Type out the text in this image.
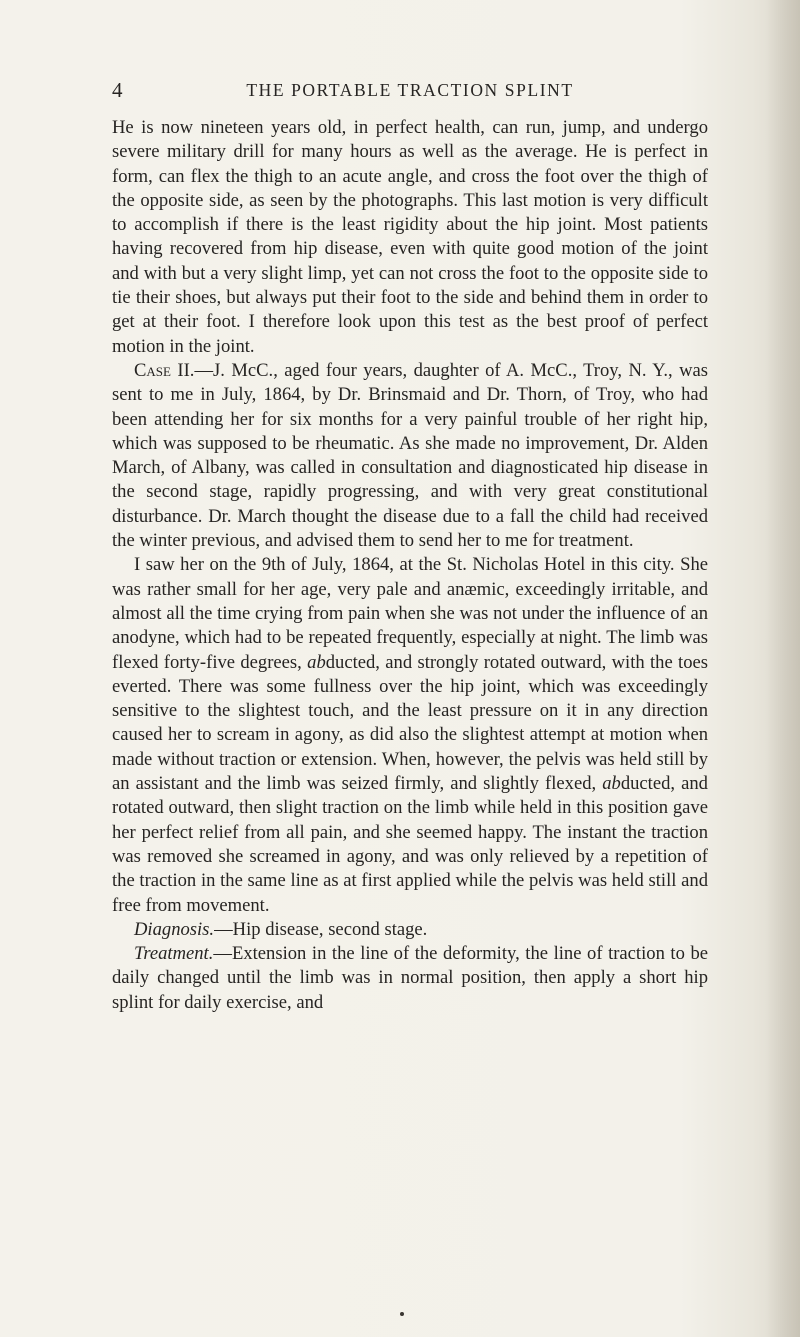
4	THE PORTABLE TRACTION SPLINT

He is now nineteen years old, in perfect health, can run, jump, and undergo severe military drill for many hours as well as the average. He is perfect in form, can flex the thigh to an acute angle, and cross the foot over the thigh of the opposite side, as seen by the photographs. This last motion is very difficult to accomplish if there is the least rigidity about the hip joint. Most patients having recovered from hip disease, even with quite good motion of the joint and with but a very slight limp, yet can not cross the foot to the opposite side to tie their shoes, but always put their foot to the side and behind them in order to get at their foot. I therefore look upon this test as the best proof of perfect motion in the joint.

Case II.—J. McC., aged four years, daughter of A. McC., Troy, N. Y., was sent to me in July, 1864, by Dr. Brinsmaid and Dr. Thorn, of Troy, who had been attending her for six months for a very painful trouble of her right hip, which was supposed to be rheumatic. As she made no improvement, Dr. Alden March, of Albany, was called in consultation and diagnosticated hip disease in the second stage, rapidly progressing, and with very great constitutional disturbance. Dr. March thought the disease due to a fall the child had received the winter previous, and advised them to send her to me for treatment.

I saw her on the 9th of July, 1864, at the St. Nicholas Hotel in this city. She was rather small for her age, very pale and anæmic, exceedingly irritable, and almost all the time crying from pain when she was not under the influence of an anodyne, which had to be repeated frequently, especially at night. The limb was flexed forty-five degrees, abducted, and strongly rotated outward, with the toes everted. There was some fullness over the hip joint, which was exceedingly sensitive to the slightest touch, and the least pressure on it in any direction caused her to scream in agony, as did also the slightest attempt at motion when made without traction or extension. When, however, the pelvis was held still by an assistant and the limb was seized firmly, and slightly flexed, abducted, and rotated outward, then slight traction on the limb while held in this position gave her perfect relief from all pain, and she seemed happy. The instant the traction was removed she screamed in agony, and was only relieved by a repetition of the traction in the same line as at first applied while the pelvis was held still and free from movement.

Diagnosis.—Hip disease, second stage.

Treatment.—Extension in the line of the deformity, the line of traction to be daily changed until the limb was in normal position, then apply a short hip splint for daily exercise, and
